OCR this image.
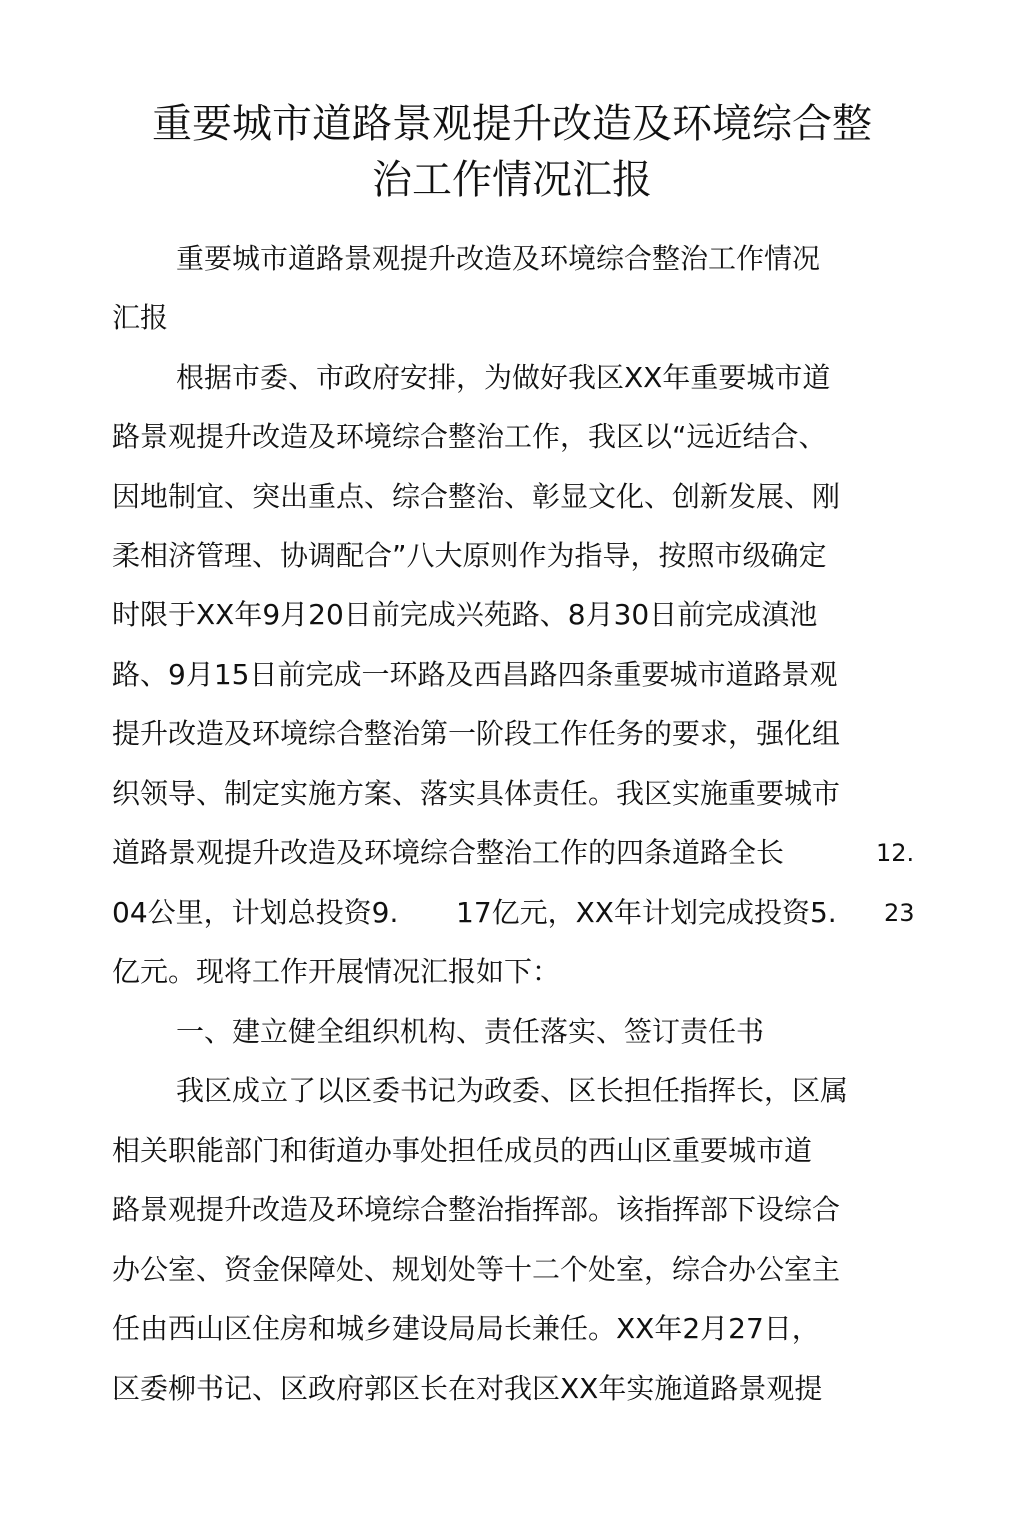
重要城市道路景观提升改造及环境综合整
治工作情况汇报
重要城市道路景观提升改造及环境综合整治工作情况
汇报
根据市委、市政府安排，为做好我区XX年重要城市道
路景观提升改造及环境综合整治工作，我区以“远近结合、
因地制宜、突出重点、综合整治、彰显文化、创新发展、刚
柔相济管理、协调配合”八大原则作为指导，按照市级确定
时限于XX年9月20日前完成兴苑路、8月30日前完成滇池
路、9月15日前完成一环路及西昌路四条重要城市道路景观
提升改造及环境综合整治第一阶段工作任务的要求，强化组
织领导、制定实施方案、落实具体责任。我区实施重要城市
道路景观提升改造及环境综合整治工作的四条道路全长	12.
04公里，计划总投资9. 17亿元，XX年计划完成投资5. 23
亿元。现将工作开展情况汇报如下：
一、建立健全组织机构、责任落实、签订责任书
我区成立了以区委书记为政委、区长担任指挥长，区属
相关职能部门和街道办事处担任成员的西山区重要城市道
路景观提升改造及环境综合整治指挥部。该指挥部下设综合
办公室、资金保障处、规划处等十二个处室，综合办公室主
任由西山区住房和城乡建设局局长兼任。XX年2月27日，
区委柳书记、区政府郭区长在对我区XX年实施道路景观提
